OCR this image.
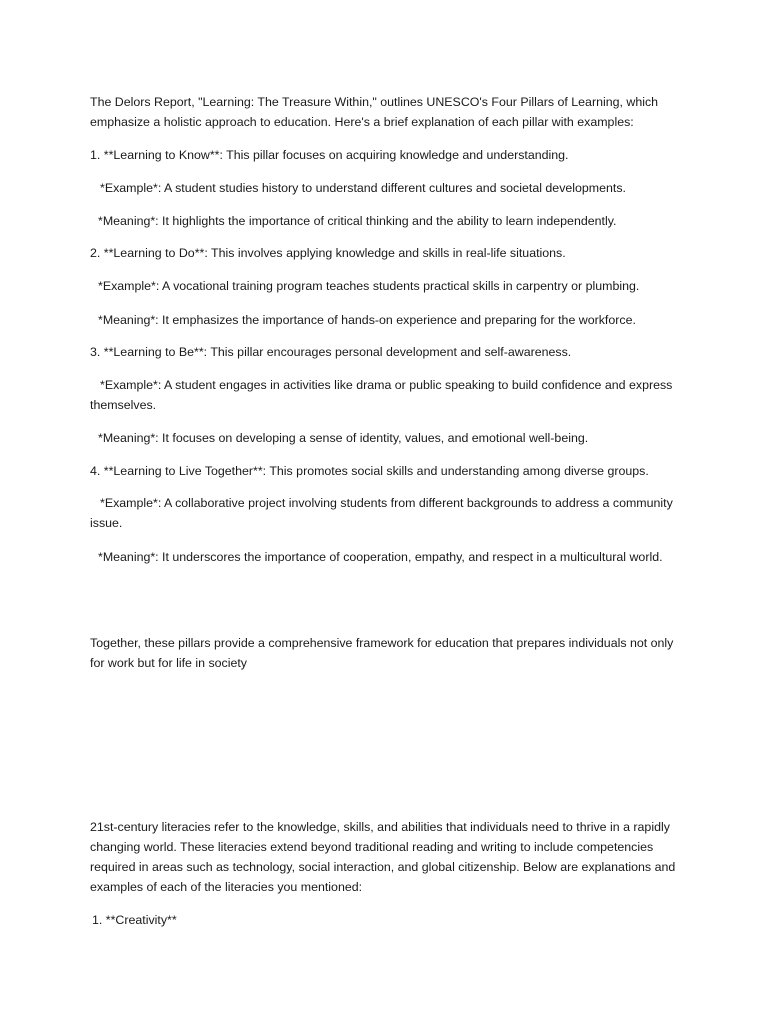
The Delors Report, "Learning: The Treasure Within," outlines UNESCO's Four Pillars of Learning, which emphasize a holistic approach to education. Here's a brief explanation of each pillar with examples:

1. **Learning to Know**: This pillar focuses on acquiring knowledge and understanding.

*Example*: A student studies history to understand different cultures and societal developments.

*Meaning*: It highlights the importance of critical thinking and the ability to learn independently.

2. **Learning to Do**: This involves applying knowledge and skills in real-life situations.

*Example*: A vocational training program teaches students practical skills in carpentry or plumbing.

*Meaning*: It emphasizes the importance of hands-on experience and preparing for the workforce.

3. **Learning to Be**: This pillar encourages personal development and self-awareness.

*Example*: A student engages in activities like drama or public speaking to build confidence and express themselves.

*Meaning*: It focuses on developing a sense of identity, values, and emotional well-being.

4. **Learning to Live Together**: This promotes social skills and understanding among diverse groups.

*Example*: A collaborative project involving students from different backgrounds to address a community issue.

*Meaning*: It underscores the importance of cooperation, empathy, and respect in a multicultural world.

Together, these pillars provide a comprehensive framework for education that prepares individuals not only for work but for life in society

21st-century literacies refer to the knowledge, skills, and abilities that individuals need to thrive in a rapidly changing world. These literacies extend beyond traditional reading and writing to include competencies required in areas such as technology, social interaction, and global citizenship. Below are explanations and examples of each of the literacies you mentioned:

1. **Creativity**
